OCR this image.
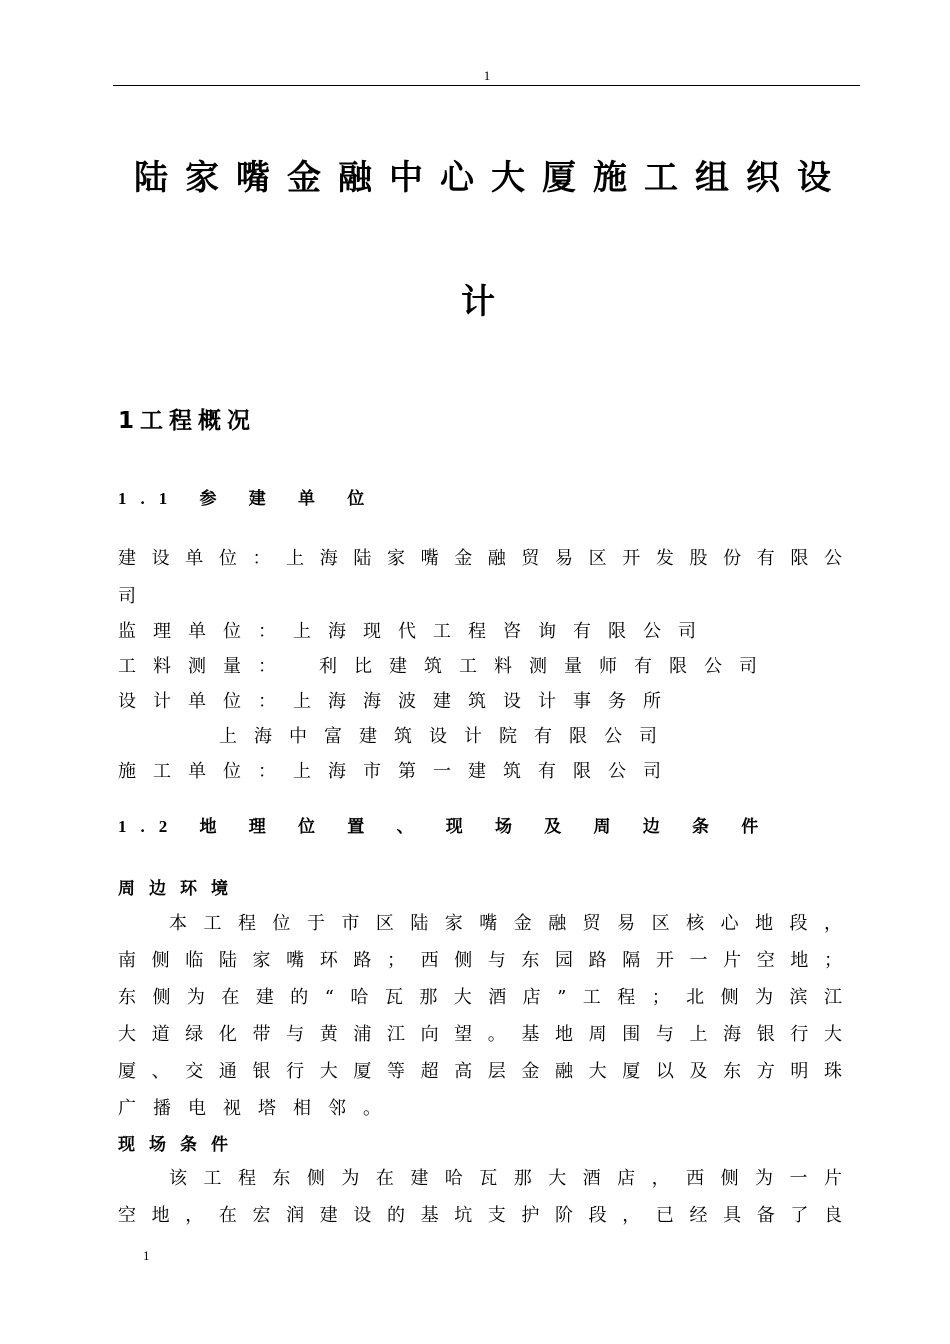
1
陆家嘴金融中心大厦施工组织设
计
1工程概况
1.1 参 建 单 位
建设单位：上海陆家嘴金融贸易区开发股份有限公
司
监理单位：上海现代工程咨询有限公司
工料测量：　利比建筑工料测量师有限公司
设计单位：上海海波建筑设计事务所
上海中富建筑设计院有限公司
施工单位：上海市第一建筑有限公司
1.2 地 理 位 置 、 现 场 及 周 边 条 件
周边环境
本工程位于市区陆家嘴金融贸易区核心地段，
南侧临陆家嘴环路；西侧与东园路隔开一片空地；
东侧为在建的“哈瓦那大酒店”工程；北侧为滨江
大道绿化带与黄浦江向望。基地周围与上海银行大
厦、交通银行大厦等超高层金融大厦以及东方明珠
广播电视塔相邻。
现场条件
该工程东侧为在建哈瓦那大酒店，西侧为一片
空地，在宏润建设的基坑支护阶段，已经具备了良
1
